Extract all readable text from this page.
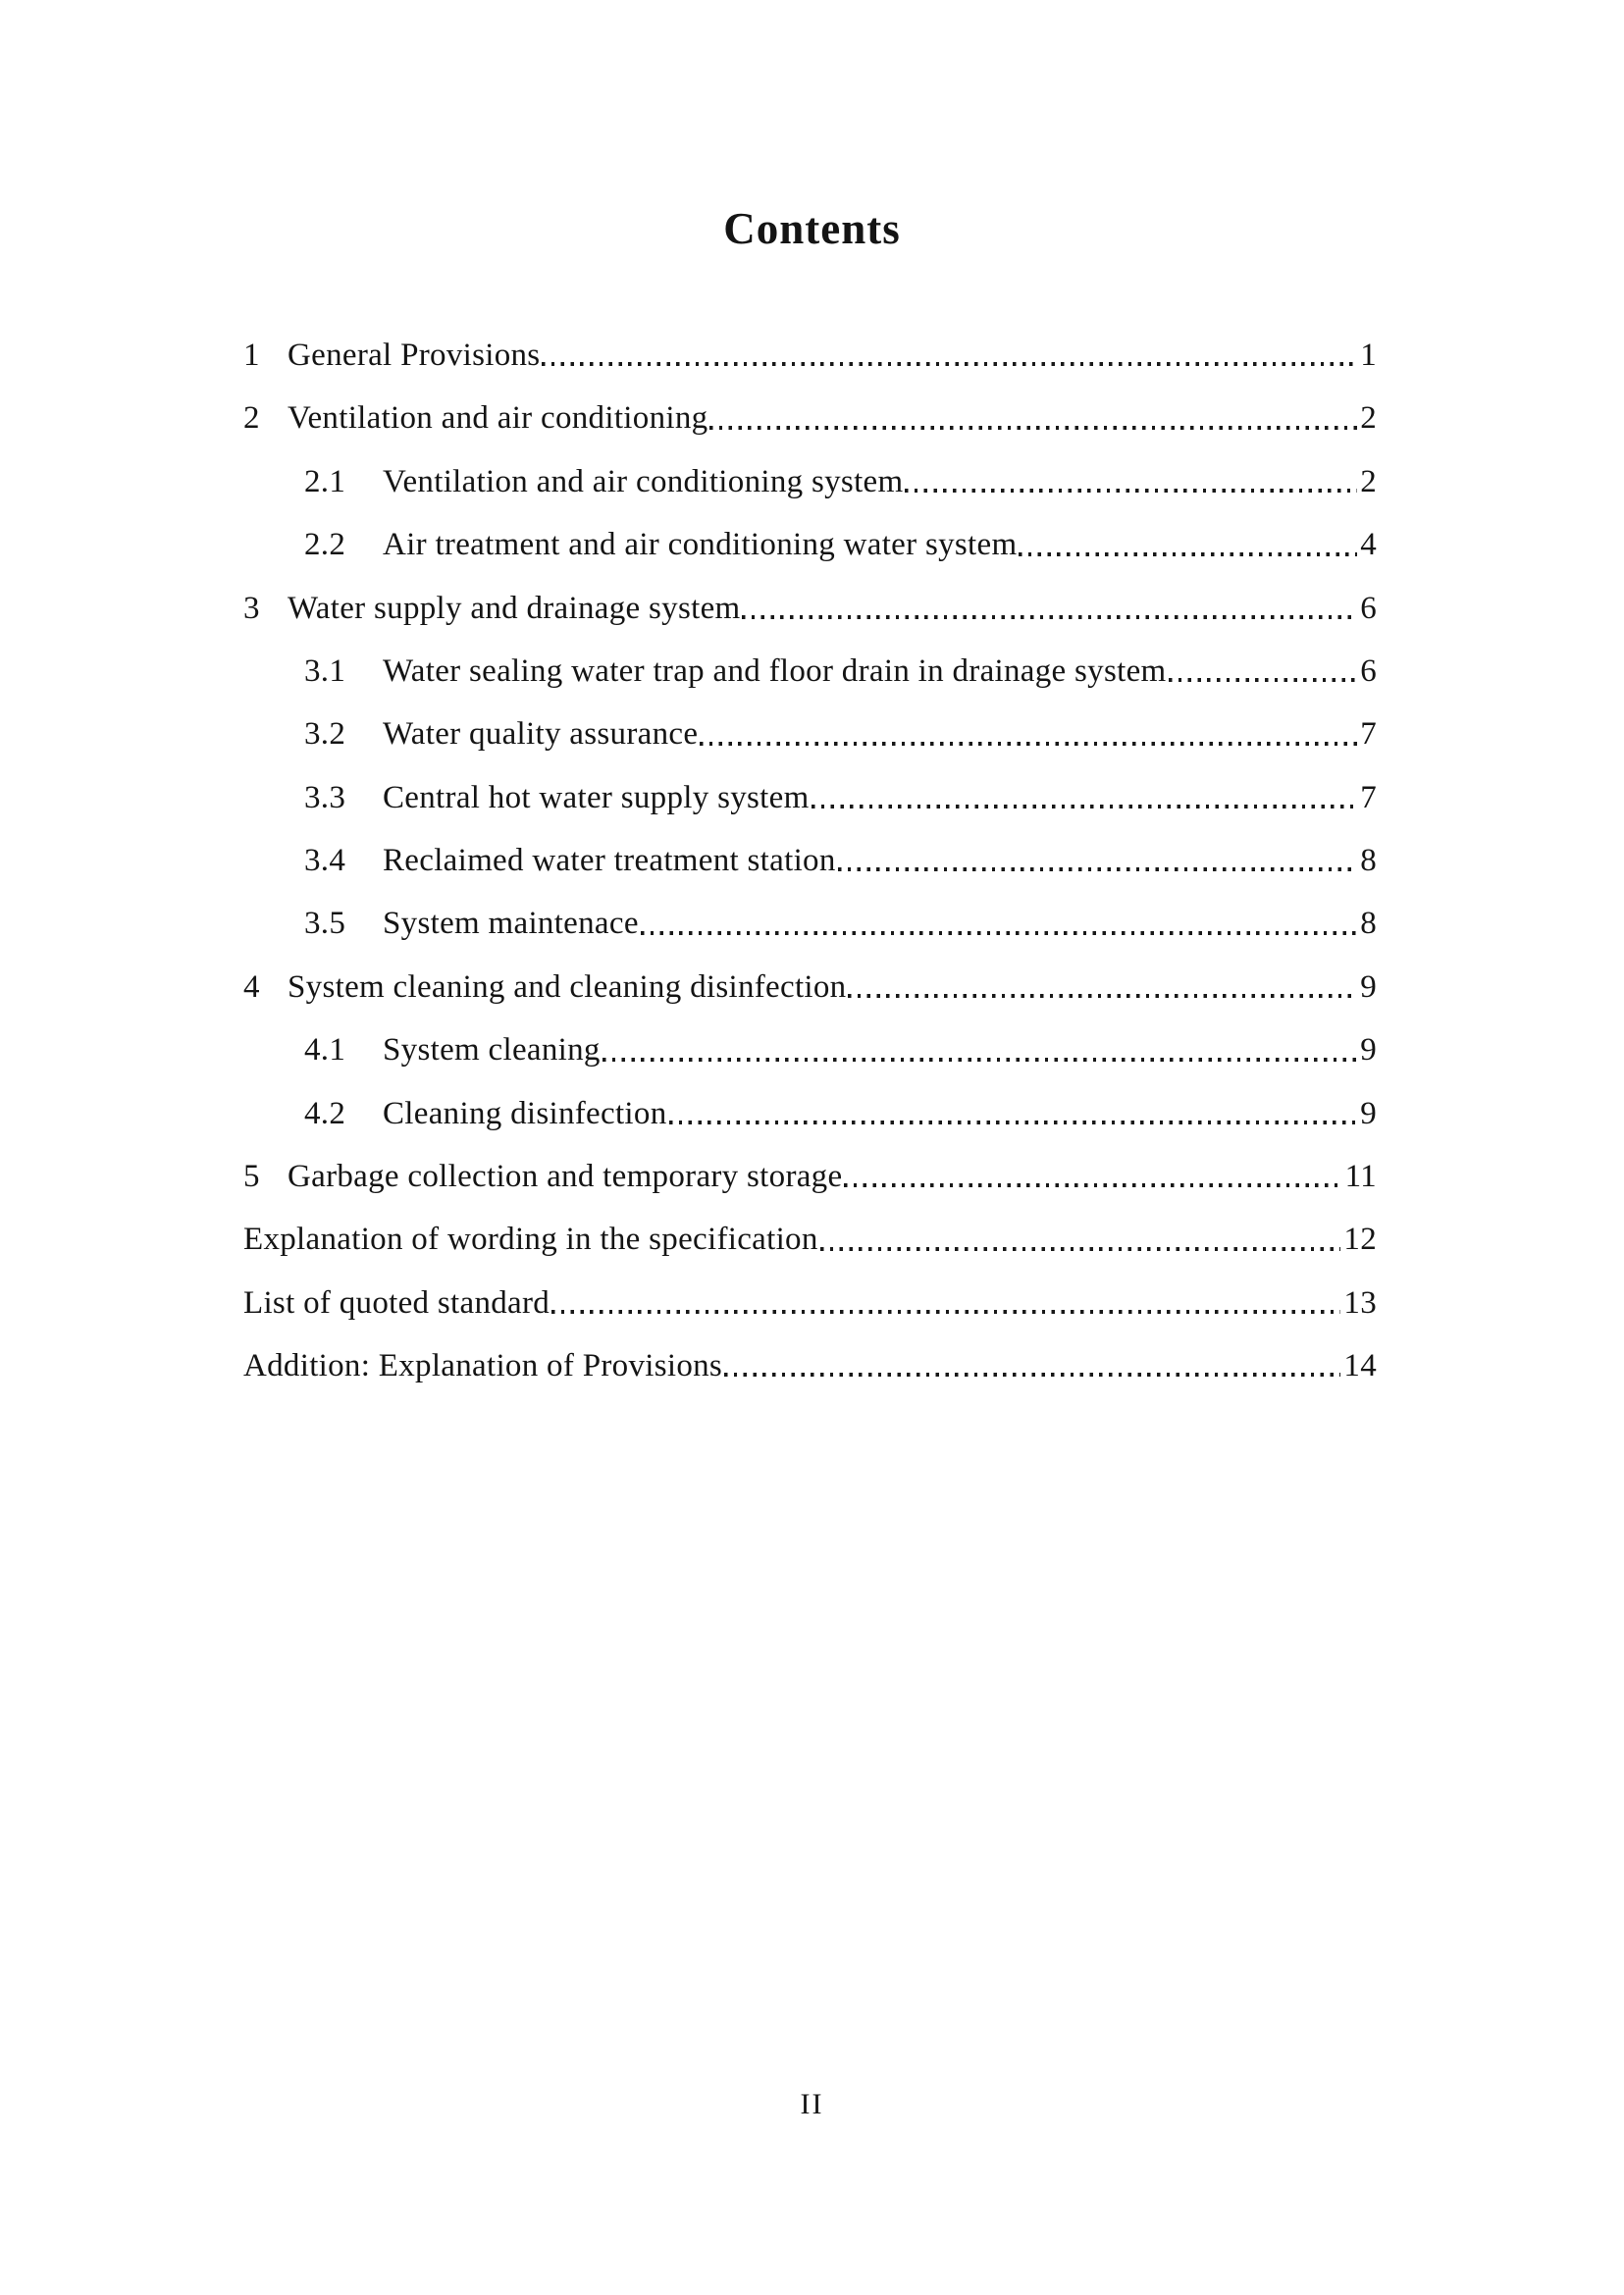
Contents
1 General Provisions	1
2 Ventilation and air conditioning	2
2.1	Ventilation and air conditioning system	2
2.2	Air treatment and air conditioning water system	4
3 Water supply and drainage system	6
3.1	Water sealing water trap and floor drain in drainage system	6
3.2	Water quality assurance	7
3.3	Central hot water supply system	7
3.4	Reclaimed water treatment station	8
3.5	System maintenace	8
4 System cleaning and cleaning disinfection	9
4.1	System cleaning	9
4.2	Cleaning disinfection	9
5 Garbage collection and temporary storage	11
Explanation of wording in the specification	12
List of quoted standard	13
Addition: Explanation of Provisions	14
II
